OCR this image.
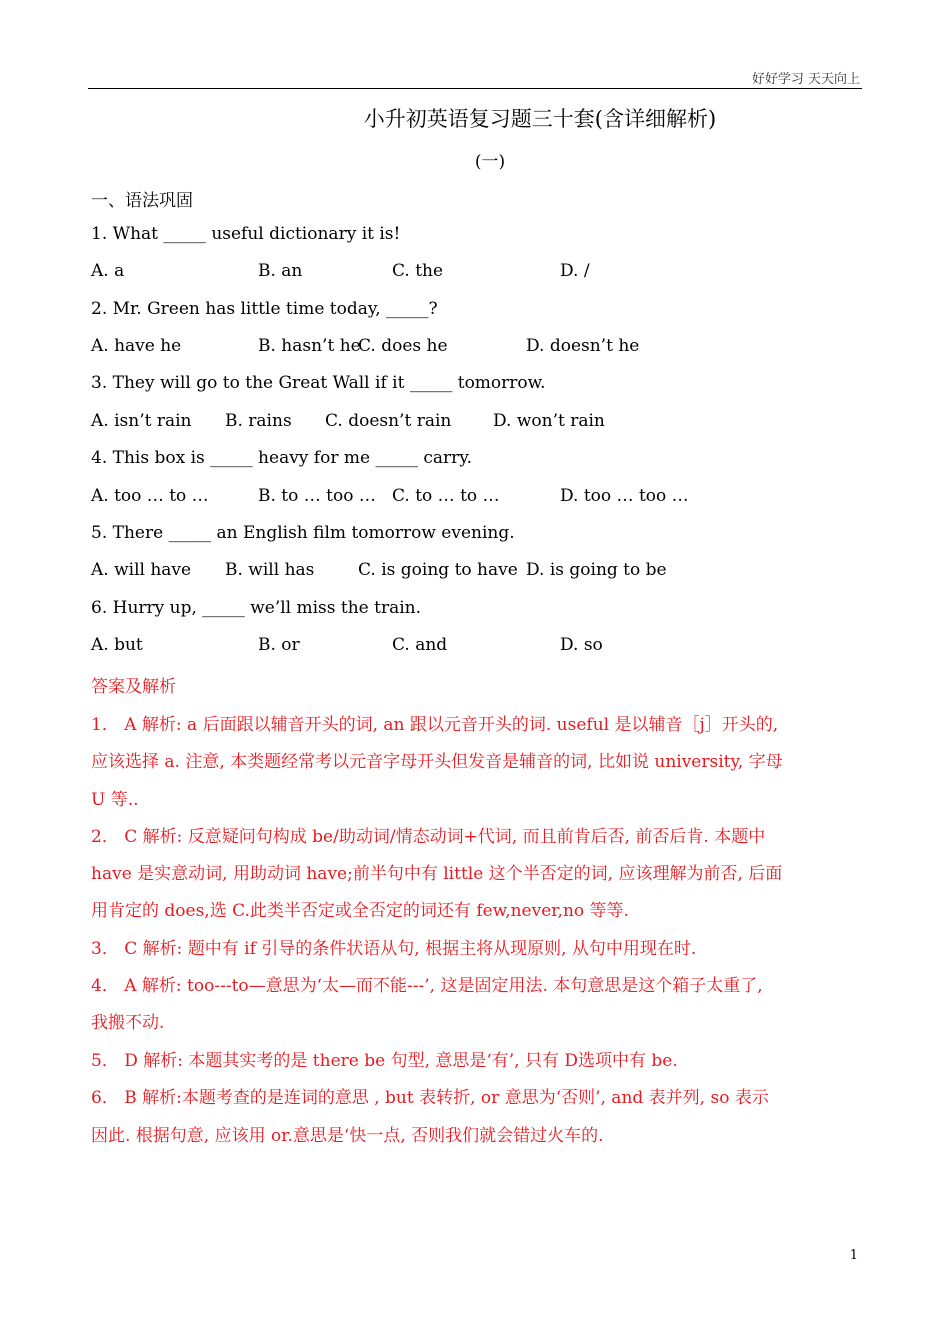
好好学习 天天向上
小升初英语复习题三十套(含详细解析)
(一)
一、语法巩固
1. What _____ useful dictionary it is!
A. a	B. an	C. the	D. /
2. Mr. Green has little time today, _____?
A. have he	B. hasn’t he
C. does he	D. doesn’t he
3. They will go to the Great Wall if it _____ tomorrow.
A. isn’t rain B. rains C. doesn’t rain D. won’t rain
4. This box is _____ heavy for me _____ carry.
A. too … to …	B. to … too … C. to … to …	D. too … too …
5. There _____ an English film tomorrow evening.
A. will have B. will has	C. is going to have D. is going to be
6. Hurry up, _____ we’ll miss the train.
A. but	B. or	C. and	D. so
答案及解析
1． A 解析: a 后面跟以辅音开头的词, an 跟以元音开头的词. useful 是以辅音［j］开头的,
应该选择 a. 注意, 本类题经常考以元音字母开头但发音是辅音的词, 比如说 university, 字母
U 等..
2． C 解析: 反意疑问句构成 be/助动词/情态动词+代词, 而且前肯后否, 前否后肯. 本题中
have 是实意动词, 用助动词 have;前半句中有 little 这个半否定的词, 应该理解为前否, 后面
用肯定的 does,选 C.此类半否定或全否定的词还有 few,never,no 等等.
3． C 解析: 题中有 if 引导的条件状语从句, 根据主将从现原则, 从句中用现在时.
4． A 解析: too---to—意思为‘太—而不能---’, 这是固定用法. 本句意思是这个箱子太重了,
我搬不动.
5． D 解析: 本题其实考的是 there be 句型, 意思是‘有’, 只有 D选项中有 be.
6． B 解析:本题考查的是连词的意思 , but 表转折, or 意思为‘否则’, and 表并列, so 表示
因此. 根据句意, 应该用 or.意思是‘快一点, 否则我们就会错过火车的.
1
